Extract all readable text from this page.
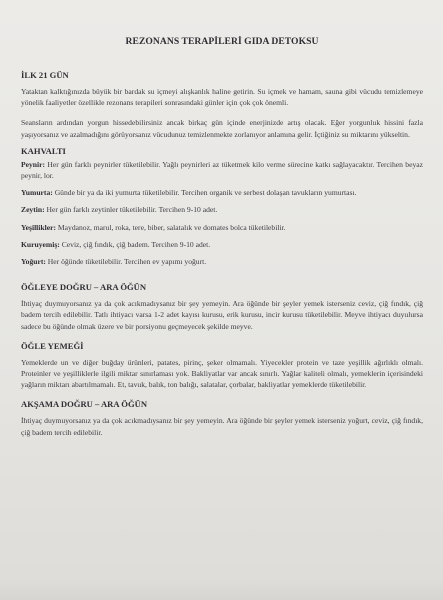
REZONANS TERAPİLERİ GIDA DETOKSU
İLK 21 GÜN

Yataktan kalktığınızda büyük bir bardak su içmeyi alışkanlık haline getirin. Su içmek ve hamam, sauna gibi vücudu temizlemeye yönelik faaliyetler özellikle rezonans terapileri sonrasındaki günler için çok çok önemli.

Seansların ardından yorgun hissedebilirsiniz ancak birkaç gün içinde enerjinizde artış olacak. Eğer yorgunluk hissini fazla yaşıyorsanız ve azalmadığını görüyorsanız vücudunuz temizlenmekte zorlanıyor anlamına gelir. İçtiğiniz su miktarını yükseltin.

KAHVALTI

Peynir: Her gün farklı peynirler tüketilebilir. Yağlı peynirleri az tüketmek kilo verme sürecine katkı sağlayacaktır. Tercihen beyaz peynir, lor.

Yumurta: Günde bir ya da iki yumurta tüketilebilir. Tercihen organik ve serbest dolaşan tavukların yumurtası.

Zeytin: Her gün farklı zeytinler tüketilebilir. Tercihen 9-10 adet.

Yeşillikler: Maydanoz, marul, roka, tere, biber, salatalık ve domates bolca tüketilebilir.

Kuruyemiş: Ceviz, çiğ fındık, çiğ badem. Tercihen 9-10 adet.

Yoğurt: Her öğünde tüketilebilir. Tercihen ev yapımı yoğurt.

ÖĞLEYE DOĞRU – ARA ÖĞÜN

İhtiyaç duymuyorsanız ya da çok acıkmadıysanız bir şey yemeyin. Ara öğünde bir şeyler yemek isterseniz ceviz, çiğ fındık, çiğ badem tercih edilebilir. Tatlı ihtiyacı varsa 1-2 adet kayısı kurusu, erik kurusu, incir kurusu tüketilebilir. Meyve ihtiyacı duyulursa sadece bu öğünde olmak üzere ve bir porsiyonu geçmeyecek şekilde meyve.

ÖĞLE YEMEĞİ

Yemeklerde un ve diğer buğday ürünleri, patates, pirinç, şeker olmamalı. Yiyecekler protein ve taze yeşillik ağırlıklı olmalı. Proteinler ve yeşilliklerle ilgili miktar sınırlaması yok. Bakliyatlar var ancak sınırlı. Yağlar kaliteli olmalı, yemeklerin içerisindeki yağların miktarı abartılmamalı. Et, tavuk, balık, ton balığı, salatalar, çorbalar, bakliyatlar yemeklerde tüketilebilir.

AKŞAMA DOĞRU – ARA ÖĞÜN

İhtiyaç duymuyorsanız ya da çok acıkmadıysanız bir şey yemeyin. Ara öğünde bir şeyler yemek isterseniz yoğurt, ceviz, çiğ fındık, çiğ badem tercih edilebilir.
